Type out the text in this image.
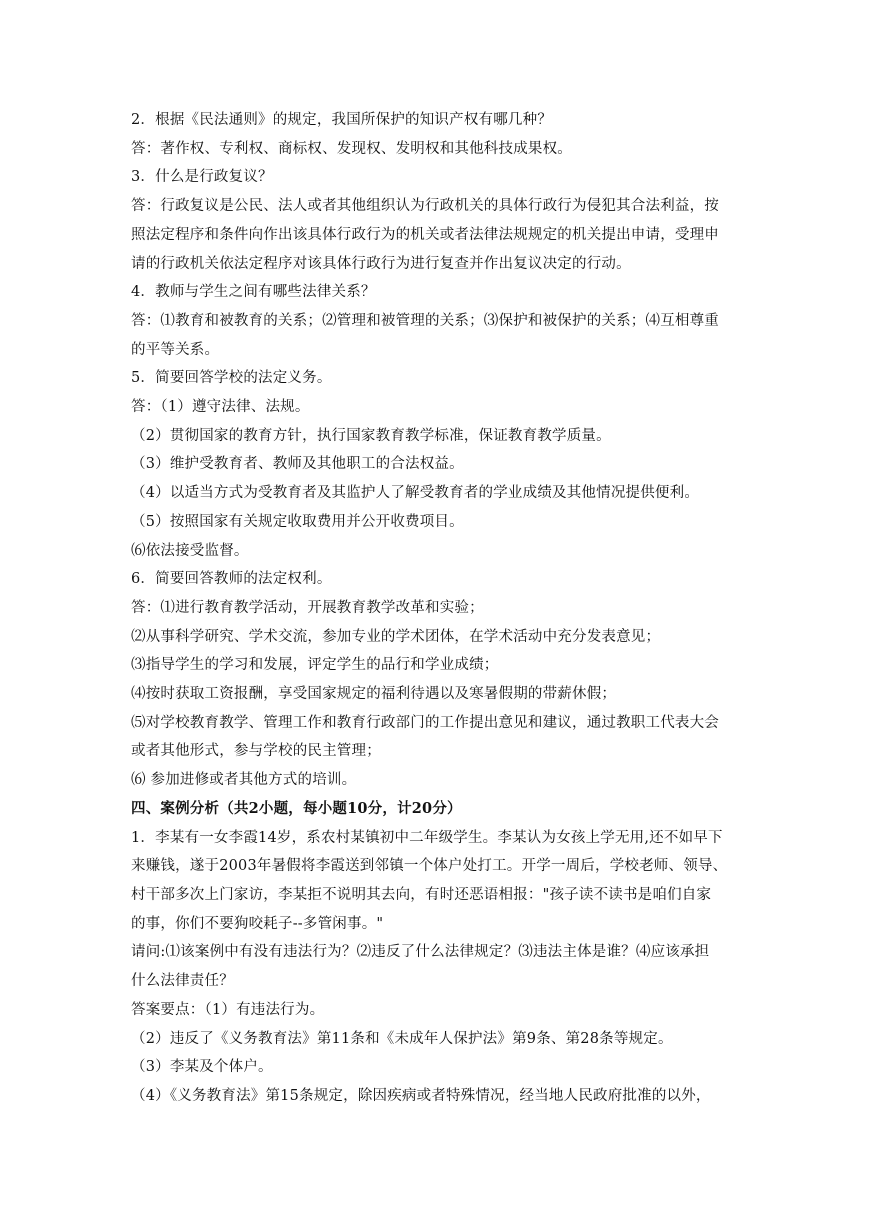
2．根据《民法通则》的规定，我国所保护的知识产权有哪几种？
答：著作权、专利权、商标权、发现权、发明权和其他科技成果权。
3．什么是行政复议？
答：行政复议是公民、法人或者其他组织认为行政机关的具体行政行为侵犯其合法利益，按
照法定程序和条件向作出该具体行政行为的机关或者法律法规规定的机关提出申请，受理申
请的行政机关依法定程序对该具体行政行为进行复查并作出复议决定的行动。
4．教师与学生之间有哪些法律关系？
答：⑴教育和被教育的关系；⑵管理和被管理的关系；⑶保护和被保护的关系；⑷互相尊重
的平等关系。
5．简要回答学校的法定义务。
答：（1）遵守法律、法规。
（2）贯彻国家的教育方针，执行国家教育教学标准，保证教育教学质量。
（3）维护受教育者、教师及其他职工的合法权益。
（4）以适当方式为受教育者及其监护人了解受教育者的学业成绩及其他情况提供便利。
（5）按照国家有关规定收取费用并公开收费项目。
⑹依法接受监督。
6．简要回答教师的法定权利。
答：⑴进行教育教学活动，开展教育教学改革和实验；
⑵从事科学研究、学术交流，参加专业的学术团体，在学术活动中充分发表意见；
⑶指导学生的学习和发展，评定学生的品行和学业成绩；
⑷按时获取工资报酬，享受国家规定的福利待遇以及寒暑假期的带薪休假；
⑸对学校教育教学、管理工作和教育行政部门的工作提出意见和建议，通过教职工代表大会
或者其他形式，参与学校的民主管理；
⑹ 参加进修或者其他方式的培训。
四、案例分析（共2小题，每小题10分，计20分）
1．李某有一女李霞14岁，系农村某镇初中二年级学生。李某认为女孩上学无用,还不如早下
来赚钱，遂于2003年暑假将李霞送到邻镇一个体户处打工。开学一周后，学校老师、领导、
村干部多次上门家访，李某拒不说明其去向，有时还恶语相报："孩子读不读书是咱们自家
的事，你们不要狗咬耗子--多管闲事。"
请问:⑴该案例中有没有违法行为？⑵违反了什么法律规定？⑶违法主体是谁？⑷应该承担
什么法律责任？
答案要点：（1）有违法行为。
（2）违反了《义务教育法》第11条和《未成年人保护法》第9条、第28条等规定。
（3）李某及个体户。
（4）《义务教育法》第15条规定，除因疾病或者特殊情况，经当地人民政府批准的以外，
